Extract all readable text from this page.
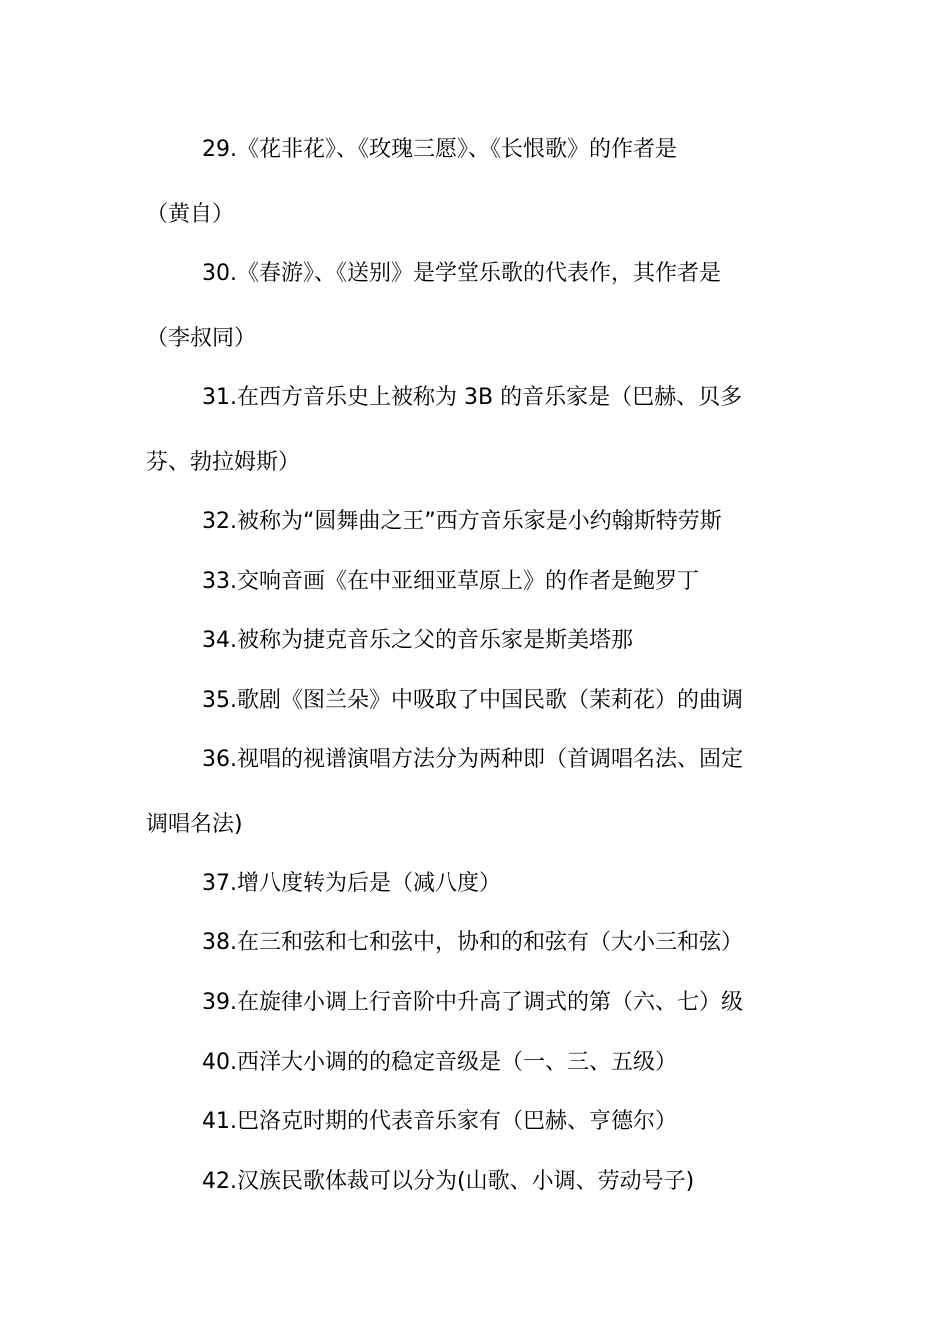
29.《花非花》、《玫瑰三愿》、《长恨歌》的作者是
（黄自）
30.《春游》、《送别》是学堂乐歌的代表作，其作者是
（李叔同）
31.在西方音乐史上被称为 3B 的音乐家是（巴赫、贝多
芬、勃拉姆斯）
32.被称为“圆舞曲之王”西方音乐家是小约翰斯特劳斯
33.交响音画《在中亚细亚草原上》的作者是鲍罗丁
34.被称为捷克音乐之父的音乐家是斯美塔那
35.歌剧《图兰朵》中吸取了中国民歌（茉莉花）的曲调
36.视唱的视谱演唱方法分为两种即（首调唱名法、固定
调唱名法)
37.增八度转为后是（减八度）
38.在三和弦和七和弦中，协和的和弦有（大小三和弦）
39.在旋律小调上行音阶中升高了调式的第（六、七）级
40.西洋大小调的的稳定音级是（一、三、五级）
41.巴洛克时期的代表音乐家有（巴赫、亨德尔）
42.汉族民歌体裁可以分为(山歌、小调、劳动号子)
